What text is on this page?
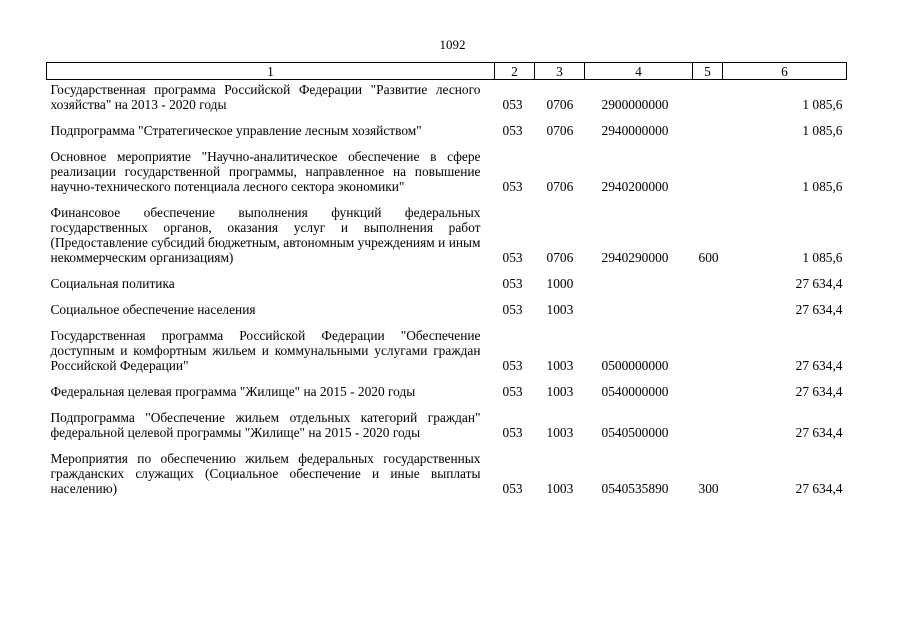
1092
1	2	3	4	5	6
Государственная программа Российской Федерации "Развитие лесного хозяйства" на 2013 - 2020 годы	053	0706	2900000000		1 085,6
Подпрограмма "Стратегическое управление лесным хозяйством"	053	0706	2940000000		1 085,6
Основное мероприятие "Научно-аналитическое обеспечение в сфере реализации государственной программы, направленное на повышение научно-технического потенциала лесного сектора экономики"	053	0706	2940200000		1 085,6
Финансовое обеспечение выполнения функций федеральных государственных органов, оказания услуг и выполнения работ (Предоставление субсидий бюджетным, автономным учреждениям и иным некоммерческим организациям)	053	0706	2940290000	600	1 085,6
Социальная политика	053	1000			27 634,4
Социальное обеспечение населения	053	1003			27 634,4
Государственная программа Российской Федерации "Обеспечение доступным и комфортным жильем и коммунальными услугами граждан Российской Федерации"	053	1003	0500000000		27 634,4
Федеральная целевая программа "Жилище" на 2015 - 2020 годы	053	1003	0540000000		27 634,4
Подпрограмма "Обеспечение жильем отдельных категорий граждан" федеральной целевой программы "Жилище" на 2015 - 2020 годы	053	1003	0540500000		27 634,4
Мероприятия по обеспечению жильем федеральных государственных гражданских служащих (Социальное обеспечение и иные выплаты населению)	053	1003	0540535890	300	27 634,4
